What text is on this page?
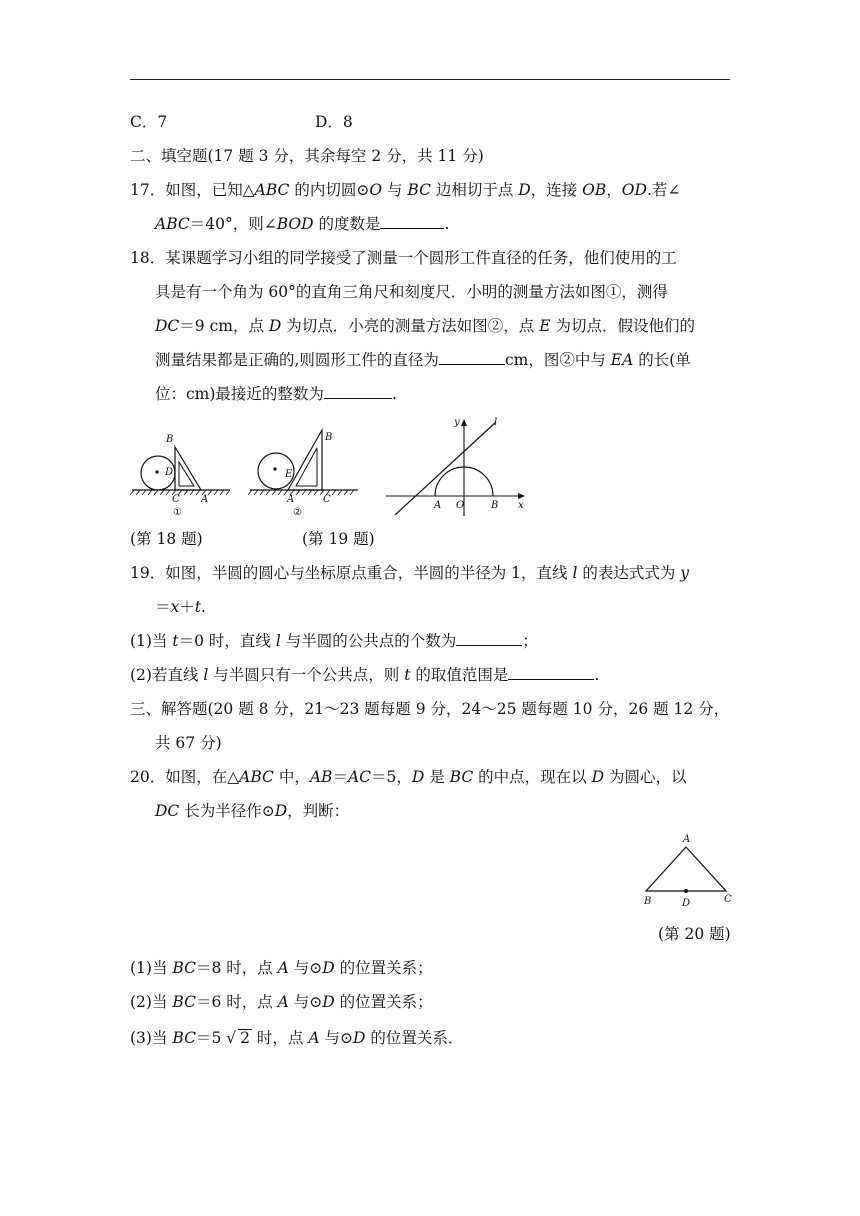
C．7	D．8
二、填空题(17 题 3 分，其余每空 2 分，共 11 分)
17．如图，已知△ABC 的内切圆⊙O 与 BC 边相切于点 D，连接 OB，OD.若∠
ABC＝40°，则∠BOD 的度数是	.
18．某课题学习小组的同学接受了测量一个圆形工件直径的任务，他们使用的工
具是有一个角为 60°的直角三角尺和刻度尺．小明的测量方法如图①，测得
DC＝9 cm，点 D 为切点．小亮的测量方法如图②，点 E 为切点．假设他们的
测量结果都是正确的,则圆形工件的直径为	cm，图②中与 EA 的长(单
位：cm)最接近的整数为	.
B
D
C A
①
B
E
A	C
②
y	l
A O	B x
(第 18 题)	(第 19 题)
19．如图，半圆的圆心与坐标原点重合，半圆的半径为 1，直线 l 的表达式式为 y
＝x＋t.
(1)当 t＝0 时，直线 l 与半圆的公共点的个数为	；
(2)若直线 l 与半圆只有一个公共点，则 t 的取值范围是	.
三、解答题(20 题 8 分，21～23 题每题 9 分，24～25 题每题 10 分，26 题 12 分，
共 67 分)
20．如图，在△ABC 中，AB＝AC＝5，D 是 BC 的中点，现在以 D 为圆心，以
DC 长为半径作⊙D，判断：
A
B	D	C
(第 20 题)
(1)当 BC＝8 时，点 A 与⊙D 的位置关系；
(2)当 BC＝6 时，点 A 与⊙D 的位置关系；
(3)当 BC＝5 √ 2 时，点 A 与⊙D 的位置关系．
